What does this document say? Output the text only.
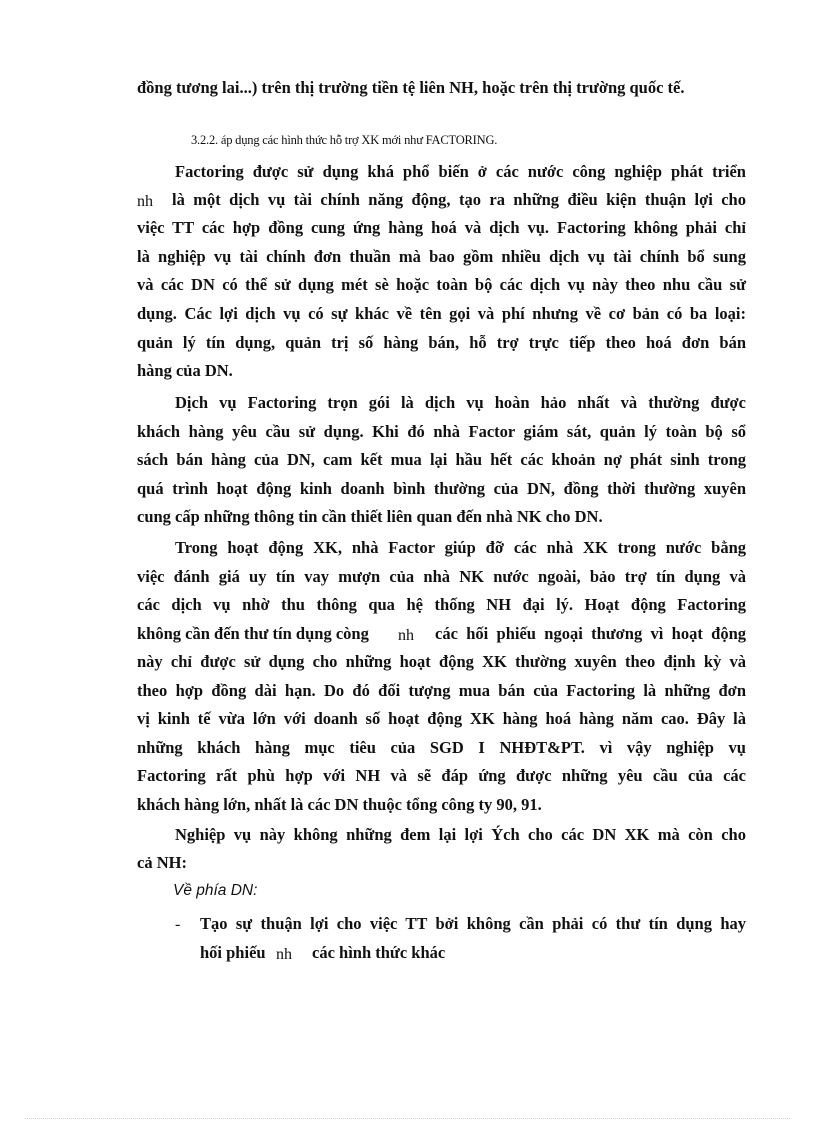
đồng tương lai...) trên thị trường tiền tệ liên NH, hoặc trên thị trường quốc tế.
3.2.2. áp dụng các hình thức hỗ trợ XK mới như FACTORING.
Factoring được sử dụng khá phổ biến ở các nước công nghiệp phát triển
nh là một dịch vụ tài chính năng động, tạo ra những điều kiện thuận lợi cho
việc TT các hợp đồng cung ứng hàng hoá và dịch vụ. Factoring không phải chỉ
là nghiệp vụ tài chính đơn thuần mà bao gồm nhiều dịch vụ tài chính bổ sung
và các DN có thể sử dụng mét sè hoặc toàn bộ các dịch vụ này theo nhu cầu sử
dụng. Các lợi dịch vụ có sự khác về tên gọi và phí nhưng về cơ bản có ba loại:
quản lý tín dụng, quản trị số hàng bán, hỗ trợ trực tiếp theo hoá đơn bán
hàng của DN.
Dịch vụ Factoring trọn gói là dịch vụ hoàn hảo nhất và thường được
khách hàng yêu cầu sử dụng. Khi đó nhà Factor giám sát, quản lý toàn bộ sổ
sách bán hàng của DN, cam kết mua lại hầu hết các khoản nợ phát sinh trong
quá trình hoạt động kinh doanh bình thường của DN, đồng thời thường xuyên
cung cấp những thông tin cần thiết liên quan đến nhà NK cho DN.
Trong hoạt động XK, nhà Factor giúp đỡ các nhà XK trong nước bằng
việc đánh giá uy tín vay mượn của nhà NK nước ngoài, bảo trợ tín dụng và
các dịch vụ nhờ thu thông qua hệ thống NH đại lý. Hoạt động Factoring
không cần đến thư tín dụng còng	nh các hối phiếu ngoại thương vì hoạt động
này chỉ được sử dụng cho những hoạt động XK thường xuyên theo định kỳ và
theo hợp đồng dài hạn. Do đó đối tượng mua bán của Factoring là những đơn
vị kinh tế vừa lớn với doanh số hoạt động XK hàng hoá hàng năm cao. Đây là
những khách hàng mục tiêu của SGD I NHĐT&PT. vì vậy nghiệp vụ
Factoring rất phù hợp với NH và sẽ đáp ứng được những yêu cầu của các
khách hàng lớn, nhất là các DN thuộc tổng công ty 90, 91.
Nghiệp vụ này không những đem lại lợi Ých cho các DN XK mà còn cho
cả NH:
Về phía DN:
- Tạo sự thuận lợi cho việc TT bởi không cần phải có thư tín dụng hay
hối phiếu nh các hình thức khác
